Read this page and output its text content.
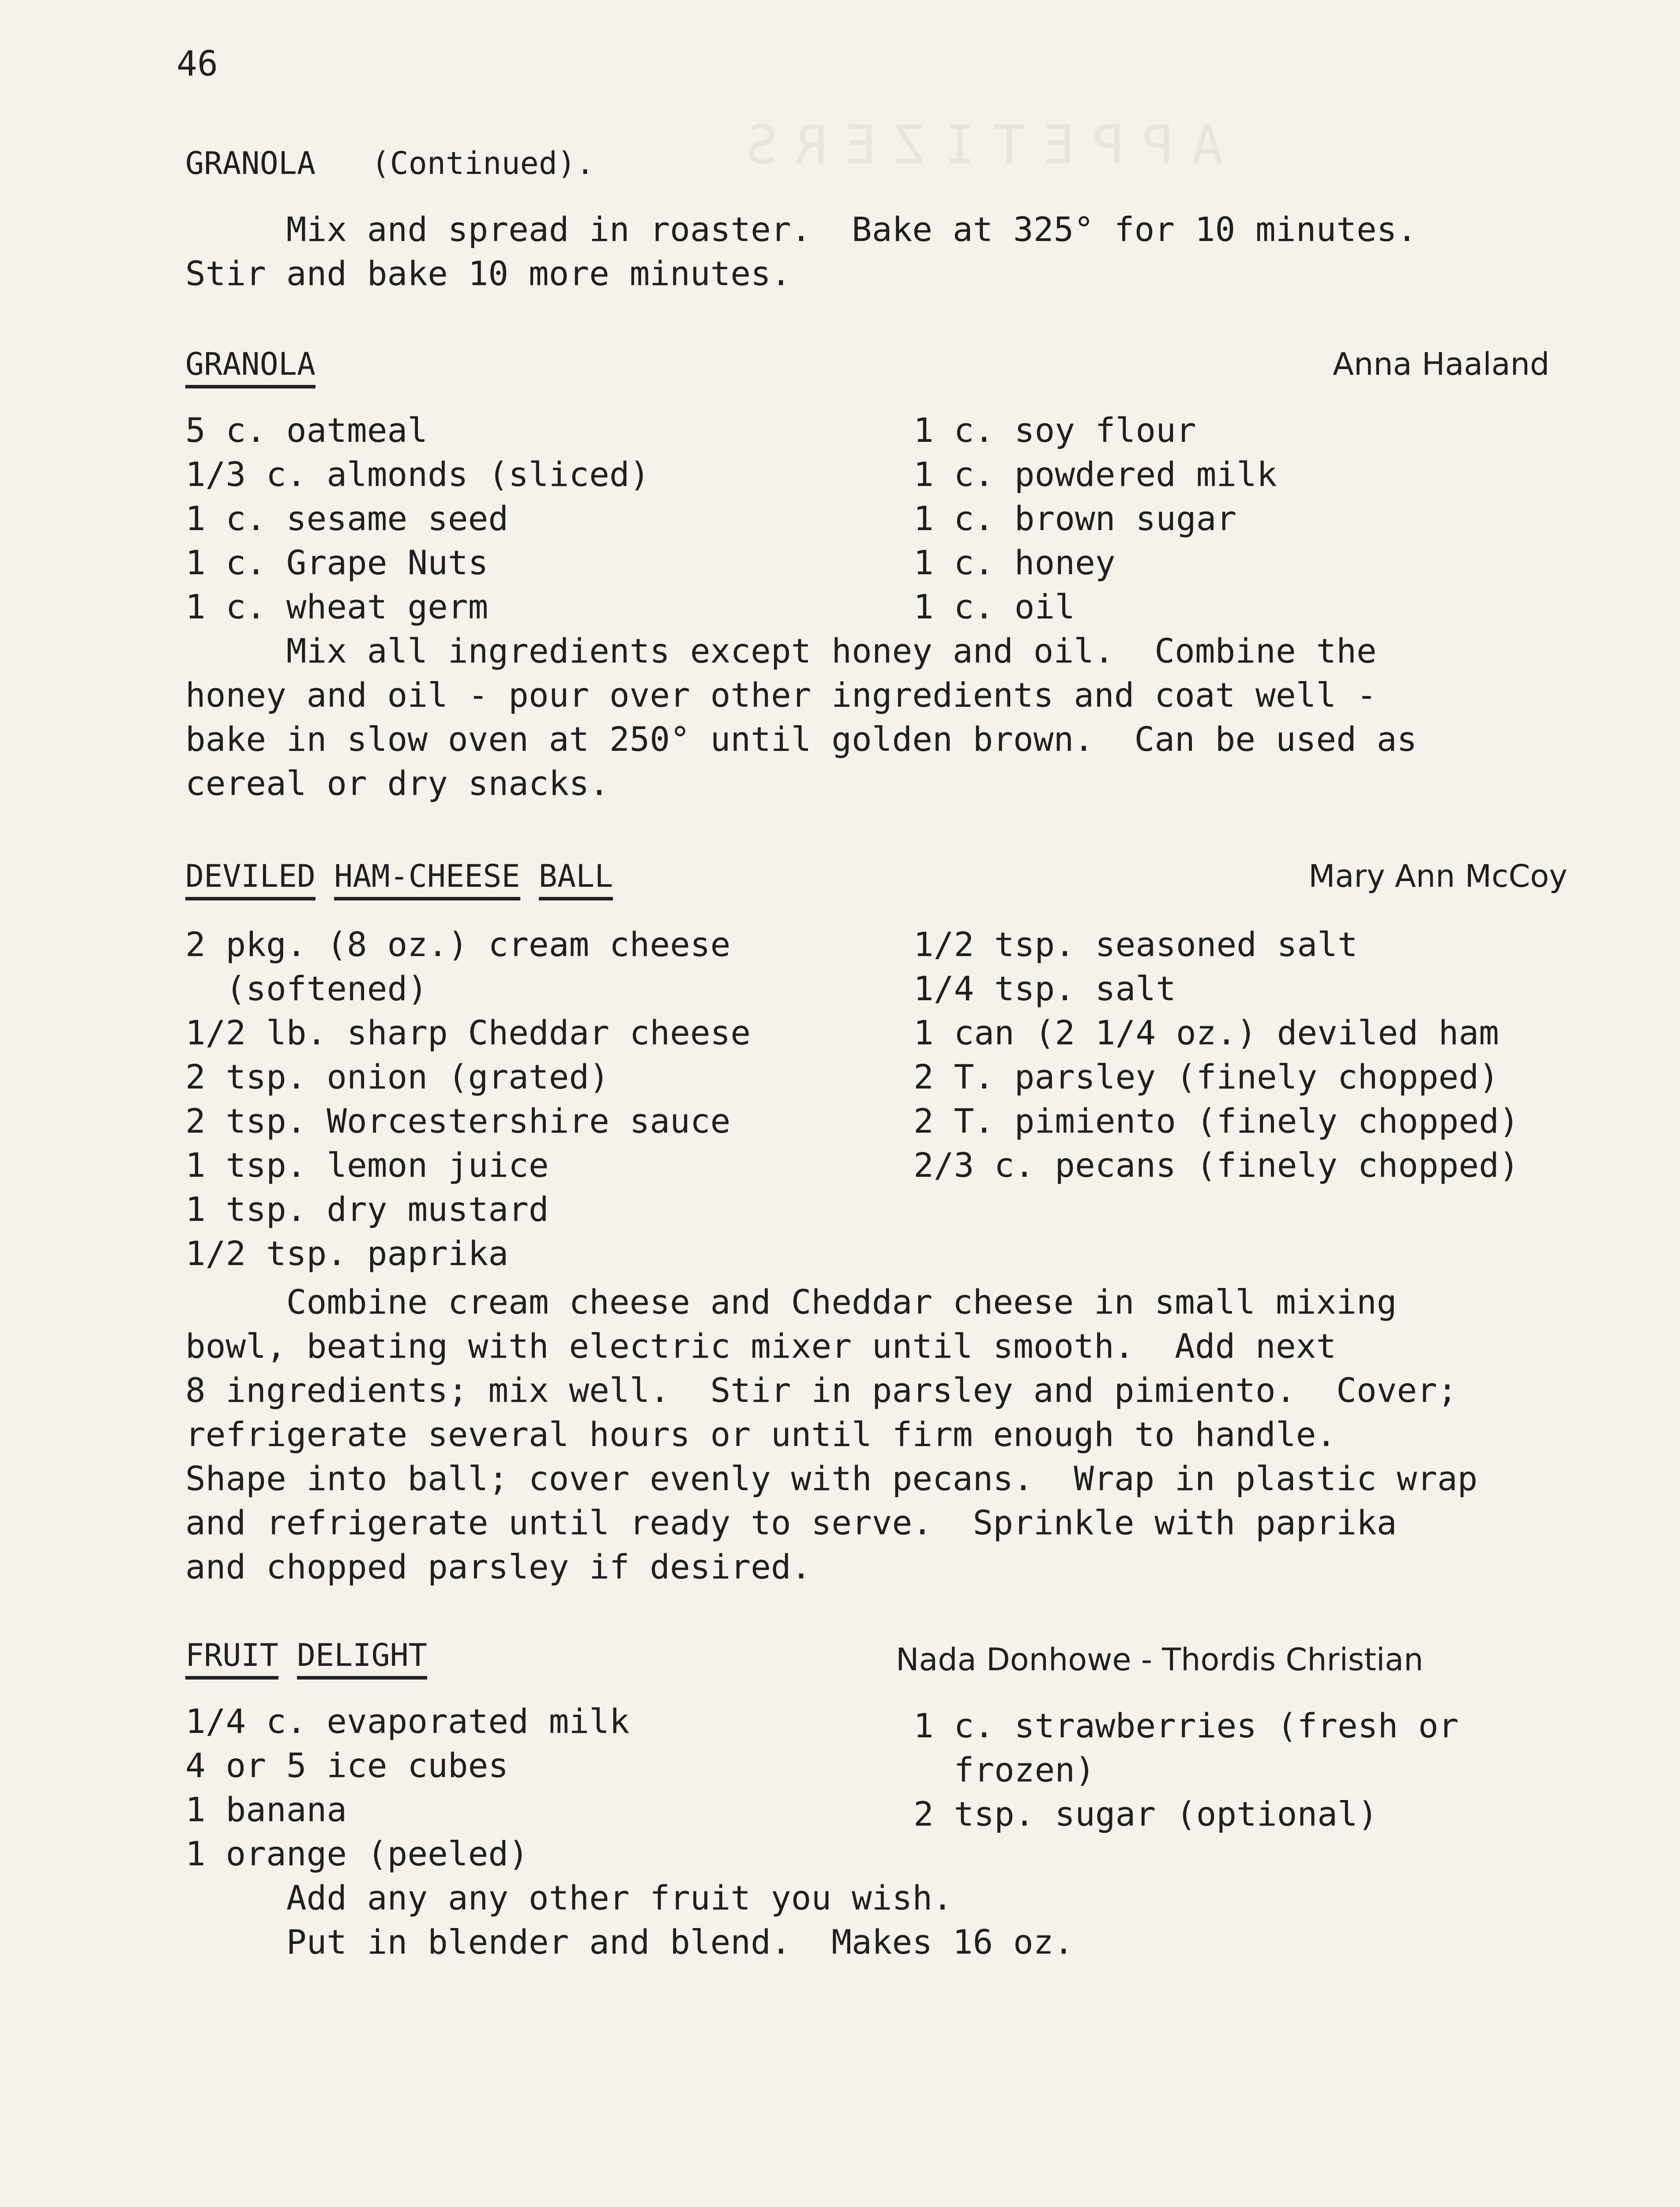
APPETIZERS
46
GRANOLA   (Continued).
Mix and spread in roaster.  Bake at 325° for 10 minutes.
Stir and bake 10 more minutes.
GRANOLA	Anna Haaland
5 c. oatmeal
1/3 c. almonds (sliced)
1 c. sesame seed
1 c. Grape Nuts
1 c. wheat germ
1 c. soy flour
1 c. powdered milk
1 c. brown sugar
1 c. honey
1 c. oil
Mix all ingredients except honey and oil.  Combine the
honey and oil - pour over other ingredients and coat well -
bake in slow oven at 250° until golden brown.  Can be used as
cereal or dry snacks.
DEVILED HAM-CHEESE BALL	Mary Ann McCoy
2 pkg. (8 oz.) cream cheese
(softened)
1/2 lb. sharp Cheddar cheese
2 tsp. onion (grated)
2 tsp. Worcestershire sauce
1 tsp. lemon juice
1 tsp. dry mustard
1/2 tsp. paprika
1/2 tsp. seasoned salt
1/4 tsp. salt
1 can (2 1/4 oz.) deviled ham
2 T. parsley (finely chopped)
2 T. pimiento (finely chopped)
2/3 c. pecans (finely chopped)
Combine cream cheese and Cheddar cheese in small mixing
bowl, beating with electric mixer until smooth.  Add next
8 ingredients; mix well.  Stir in parsley and pimiento.  Cover;
refrigerate several hours or until firm enough to handle.
Shape into ball; cover evenly with pecans.  Wrap in plastic wrap
and refrigerate until ready to serve.  Sprinkle with paprika
and chopped parsley if desired.
FRUIT DELIGHT	Nada Donhowe - Thordis Christian
1/4 c. evaporated milk
4 or 5 ice cubes
1 banana
1 orange (peeled)
1 c. strawberries (fresh or
frozen)
2 tsp. sugar (optional)
Add any any other fruit you wish.
Put in blender and blend.  Makes 16 oz.
